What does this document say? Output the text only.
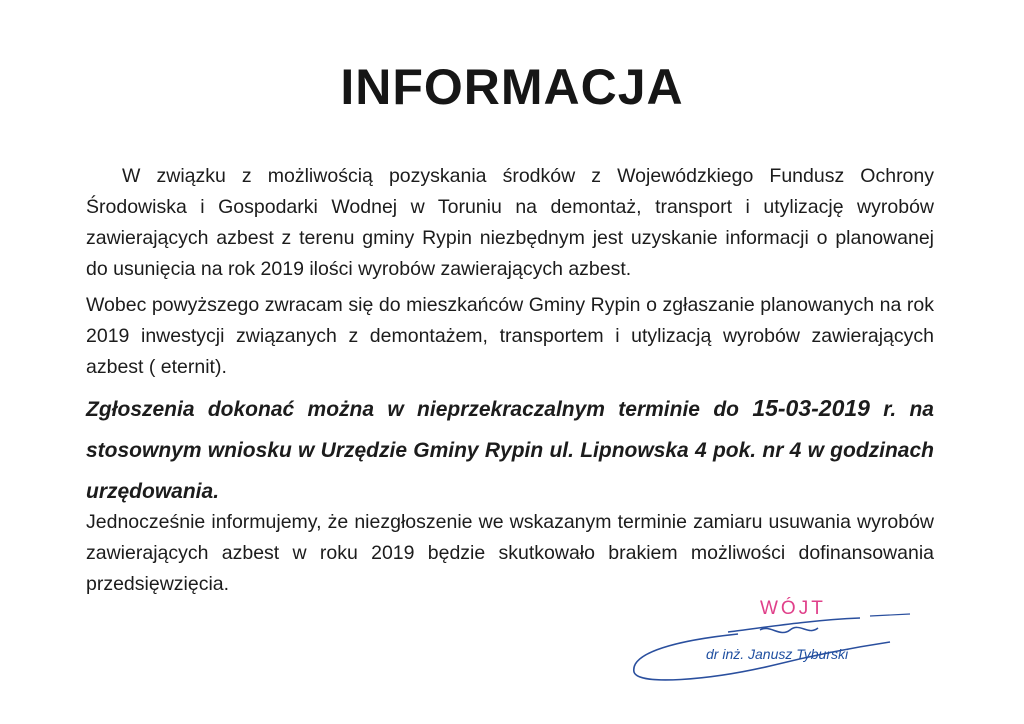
INFORMACJA

W związku z możliwością pozyskania środków z Wojewódzkiego Fundusz Ochrony Środowiska i Gospodarki Wodnej w Toruniu na demontaż, transport i utylizację wyrobów zawierających azbest z terenu gminy Rypin niezbędnym jest uzyskanie informacji o planowanej do usunięcia na rok 2019 ilości wyrobów zawierających azbest.

Wobec powyższego zwracam się do mieszkańców Gminy Rypin o zgłaszanie planowanych na rok 2019 inwestycji związanych z demontażem, transportem i utylizacją wyrobów zawierających azbest ( eternit).

Zgłoszenia dokonać można w nieprzekraczalnym terminie do 15-03-2019 r. na stosownym wniosku w Urzędzie Gminy Rypin ul. Lipnowska 4 pok. nr 4 w godzinach urzędowania.

Jednocześnie informujemy, że niezgłoszenie we wskazanym terminie zamiaru usuwania wyrobów zawierających azbest w roku 2019 będzie skutkowało brakiem możliwości dofinansowania przedsięwzięcia.

WÓJT
dr inż. Janusz Tyburski
